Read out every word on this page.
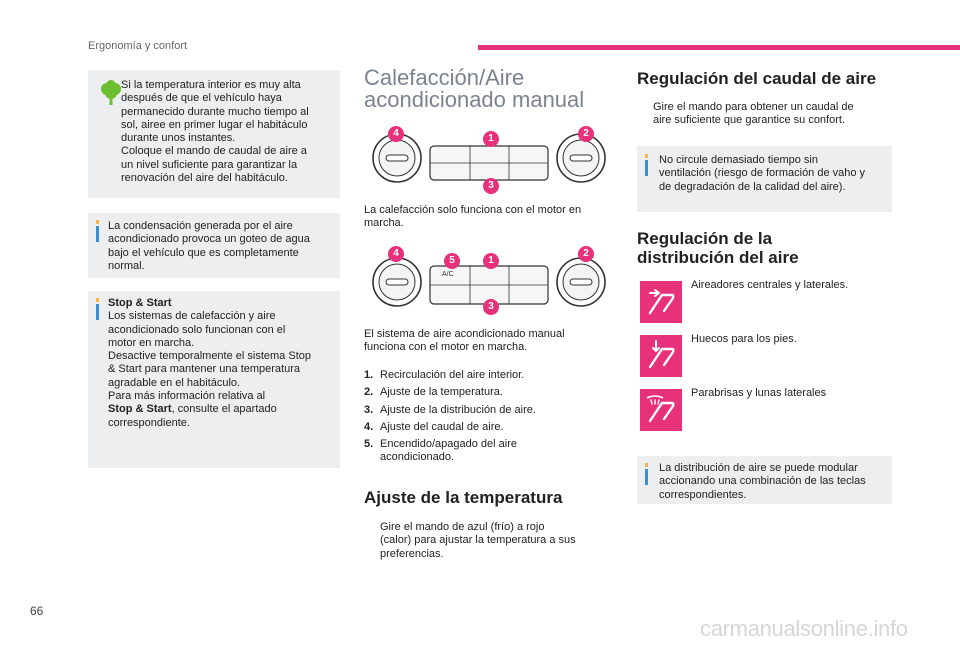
Ergonomía y confort

Si la temperatura interior es muy alta

después de que el vehículo haya

permanecido durante mucho tiempo al

sol, airee en primer lugar el habitáculo

durante unos instantes.

Coloque el mando de caudal de aire a

un nivel suficiente para garantizar la

renovación del aire del habitáculo.

La condensación generada por el aire

acondicionado provoca un goteo de agua

bajo el vehículo que es completamente

normal.

Stop & Start

Los sistemas de calefacción y aire

acondicionado solo funcionan con el

motor en marcha.

Desactive temporalmente el sistema Stop

& Start para mantener una temperatura

agradable en el habitáculo.

Para más información relativa al

Stop & Start, consulte el apartado

correspondiente.

Calefacción/Aire
acondicionado manual
4	1	2
3

La calefacción solo funciona con el motor en

marcha.

A/C
4
5	1
2
3

El sistema de aire acondicionado manual

funciona con el motor en marcha.

1. Recirculación del aire interior.
2. Ajuste de la temperatura.
3. Ajuste de la distribución de aire.
4. Ajuste del caudal de aire.
5. Encendido/apagado del aire
acondicionado.
Ajuste de la temperatura

Gire el mando de azul (frío) a rojo

(calor) para ajustar la temperatura a sus

preferencias.

Regulación del caudal de aire

Gire el mando para obtener un caudal de

aire suficiente que garantice su confort.

No circule demasiado tiempo sin

ventilación (riesgo de formación de vaho y

de degradación de la calidad del aire).

Regulación de la
distribución del aire
Aireadores centrales y laterales.
Huecos para los pies.
Parabrisas y lunas laterales

La distribución de aire se puede modular

accionando una combinación de las teclas

correspondientes.

66
carmanualsonline.info
